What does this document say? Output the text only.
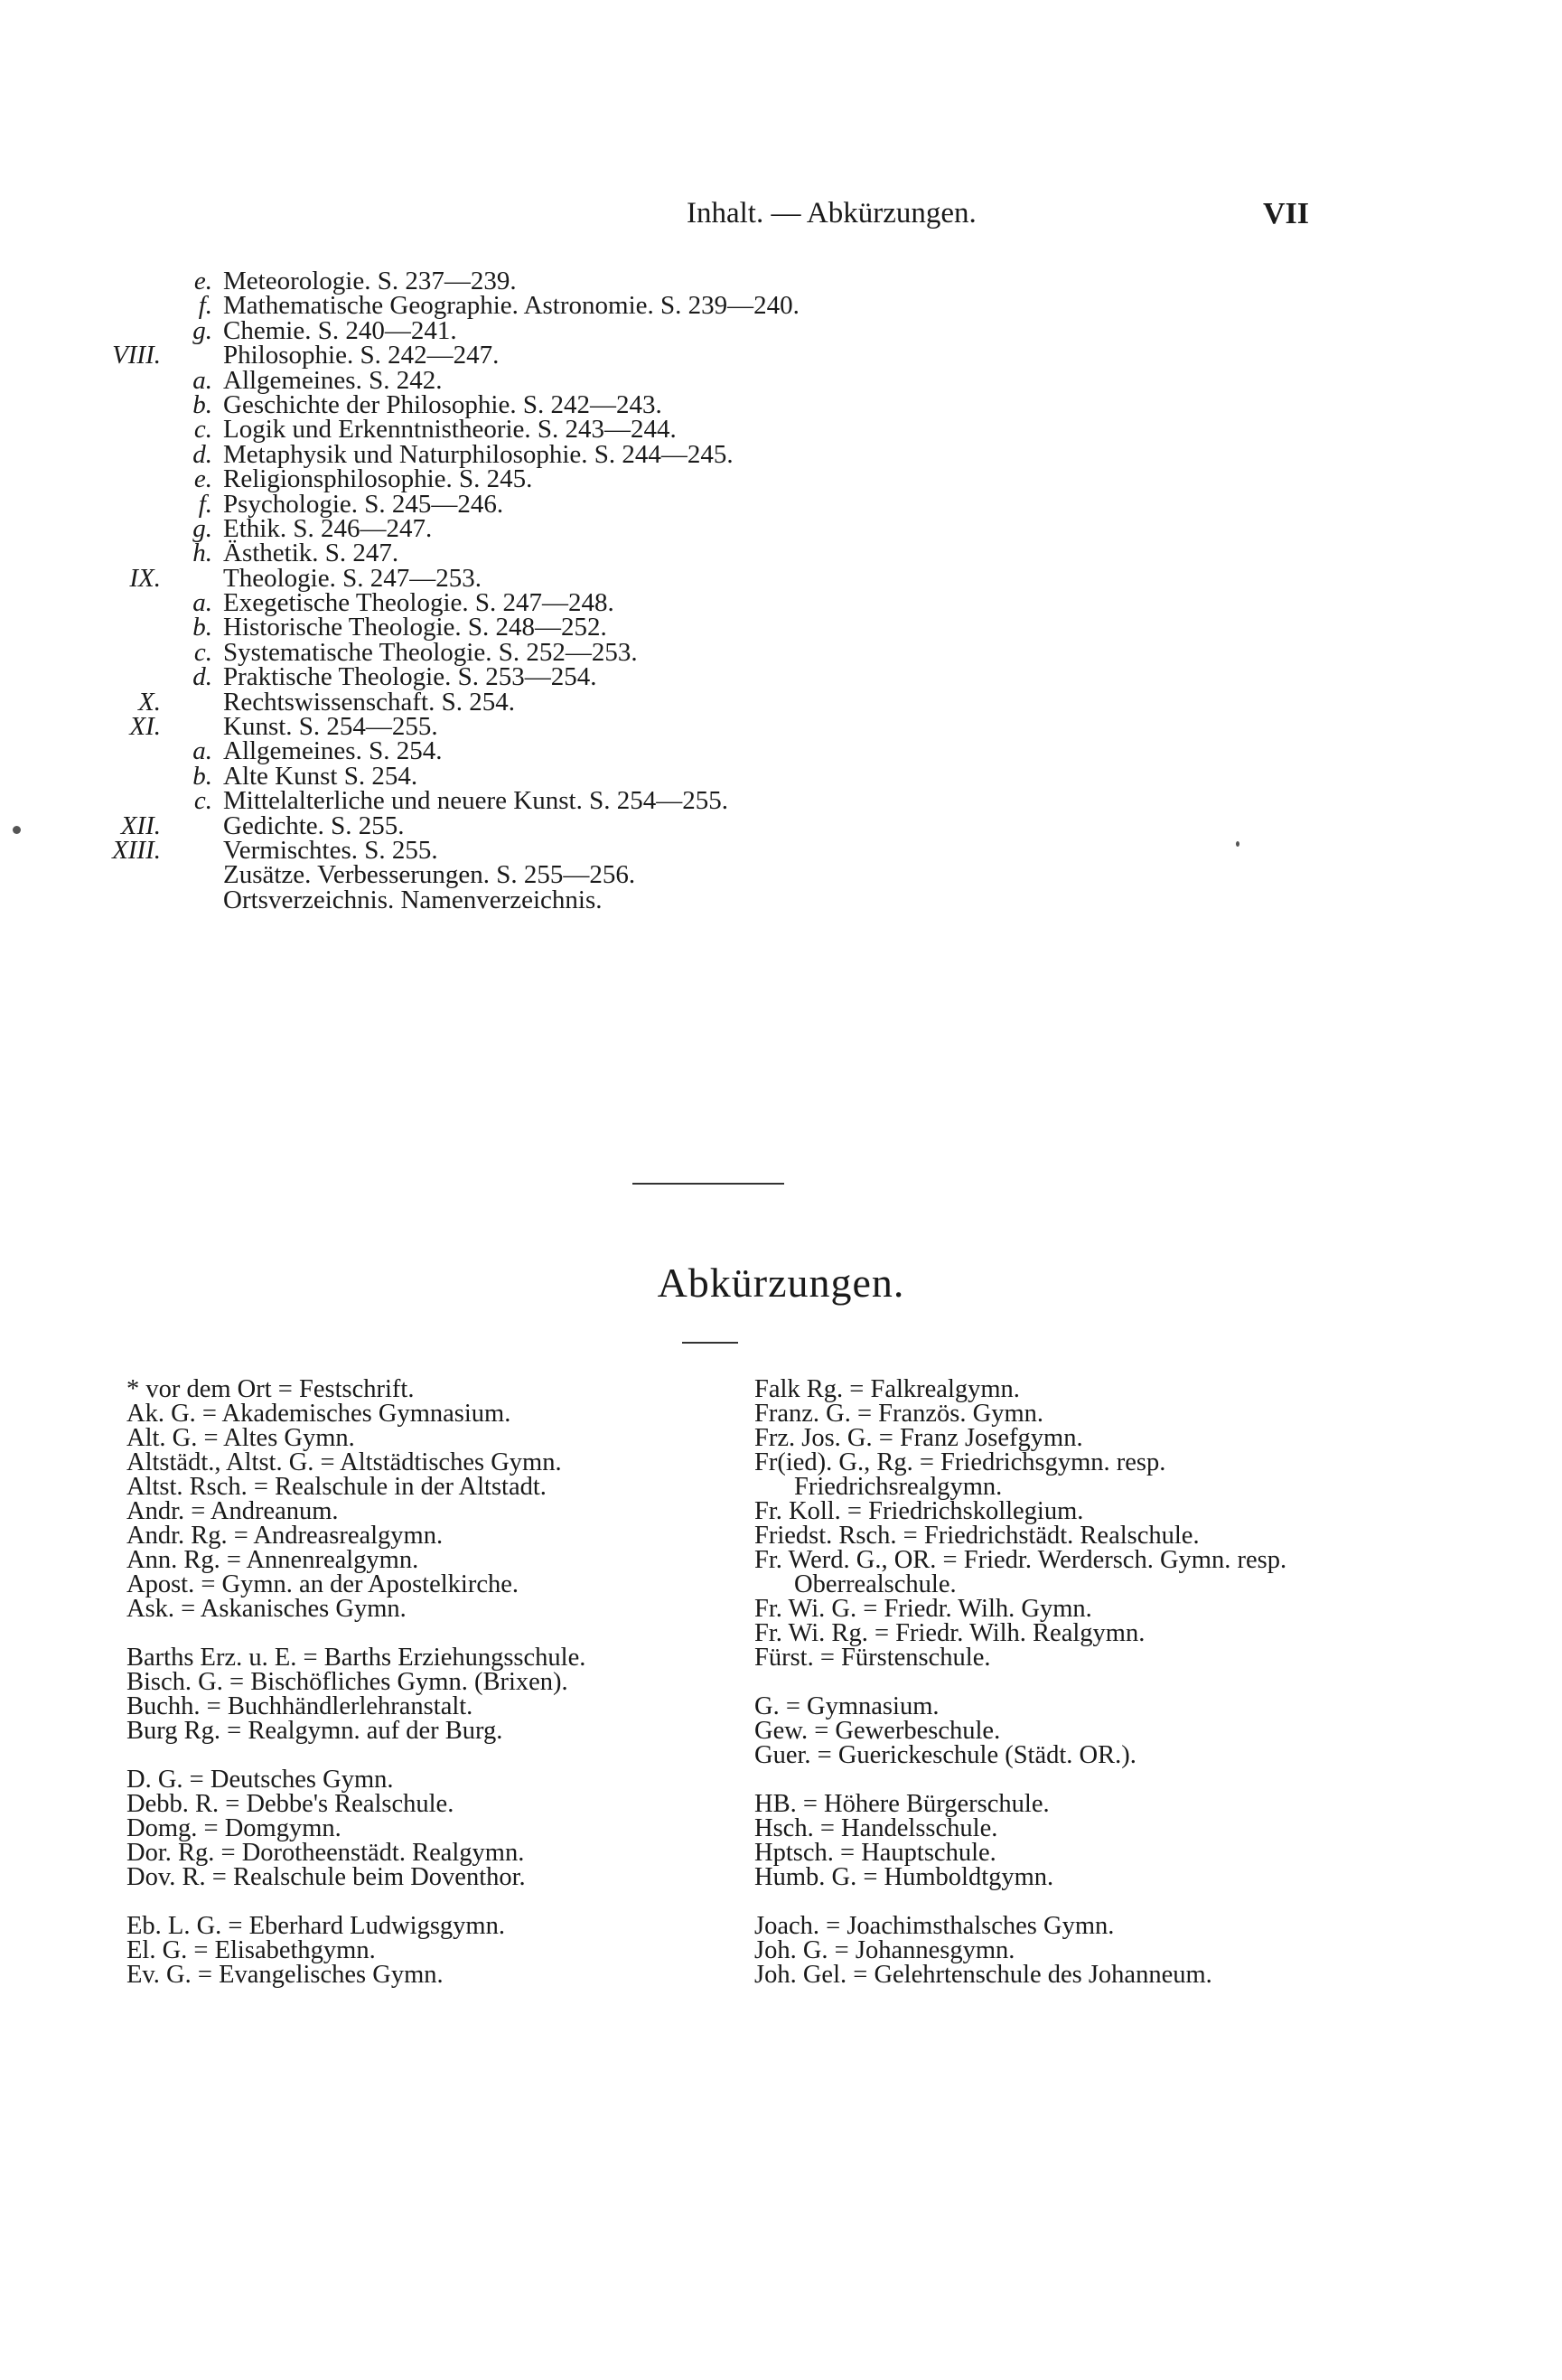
Inhalt. — Abkürzungen.	VII
e. Meteorologie. S. 237—239.
f. Mathematische Geographie. Astronomie. S. 239—240.
g. Chemie. S. 240—241.
VIII. Philosophie. S. 242—247.
a. Allgemeines. S. 242.
b. Geschichte der Philosophie. S. 242—243.
c. Logik und Erkenntnistheorie. S. 243—244.
d. Metaphysik und Naturphilosophie. S. 244—245.
e. Religionsphilosophie. S. 245.
f. Psychologie. S. 245—246.
g. Ethik. S. 246—247.
h. Ästhetik. S. 247.
IX. Theologie. S. 247—253.
a. Exegetische Theologie. S. 247—248.
b. Historische Theologie. S. 248—252.
c. Systematische Theologie. S. 252—253.
d. Praktische Theologie. S. 253—254.
X. Rechtswissenschaft. S. 254.
XI. Kunst. S. 254—255.
a. Allgemeines. S. 254.
b. Alte Kunst S. 254.
c. Mittelalterliche und neuere Kunst. S. 254—255.
XII. Gedichte. S. 255.
XIII. Vermischtes. S. 255.
Zusätze. Verbesserungen. S. 255—256.
Ortsverzeichnis. Namenverzeichnis.
Abkürzungen.
* vor dem Ort = Festschrift.
Ak. G. = Akademisches Gymnasium.
Alt. G. = Altes Gymn.
Altstädt., Altst. G. = Altstädtisches Gymn.
Altst. Rsch. = Realschule in der Altstadt.
Andr. = Andreanum.
Andr. Rg. = Andreasrealgymn.
Ann. Rg. = Annenrealgymn.
Apost. = Gymn. an der Apostelkirche.
Ask. = Askanisches Gymn.
Barths Erz. u. E. = Barths Erziehungsschule.
Bisch. G. = Bischöfliches Gymn. (Brixen).
Buchh. = Buchhändlerlehranstalt.
Burg Rg. = Realgymn. auf der Burg.
D. G. = Deutsches Gymn.
Debb. R. = Debbe's Realschule.
Domg. = Domgymn.
Dor. Rg. = Dorotheenstädt. Realgymn.
Dov. R. = Realschule beim Doventhor.
Eb. L. G. = Eberhard Ludwigsgymn.
El. G. = Elisabethgymn.
Ev. G. = Evangelisches Gymn.
Falk Rg. = Falkrealgymn.
Franz. G. = Französ. Gymn.
Frz. Jos. G. = Franz Josefgymn.
Fr(ied). G., Rg. = Friedrichsgymn. resp. Friedrichsrealgymn.
Fr. Koll. = Friedrichskollegium.
Friedst. Rsch. = Friedrichstädt. Realschule.
Fr. Werd. G., OR. = Friedr. Werdersch. Gymn. resp. Oberrealschule.
Fr. Wi. G. = Friedr. Wilh. Gymn.
Fr. Wi. Rg. = Friedr. Wilh. Realgymn.
Fürst. = Fürstenschule.
G. = Gymnasium.
Gew. = Gewerbeschule.
Guer. = Guerickeschule (Städt. OR.).
HB. = Höhere Bürgerschule.
Hsch. = Handelsschule.
Hptsch. = Hauptschule.
Humb. G. = Humboldtgymn.
Joach. = Joachimsthalsches Gymn.
Joh. G. = Johannesgymn.
Joh. Gel. = Gelehrtenschule des Johanneum.
